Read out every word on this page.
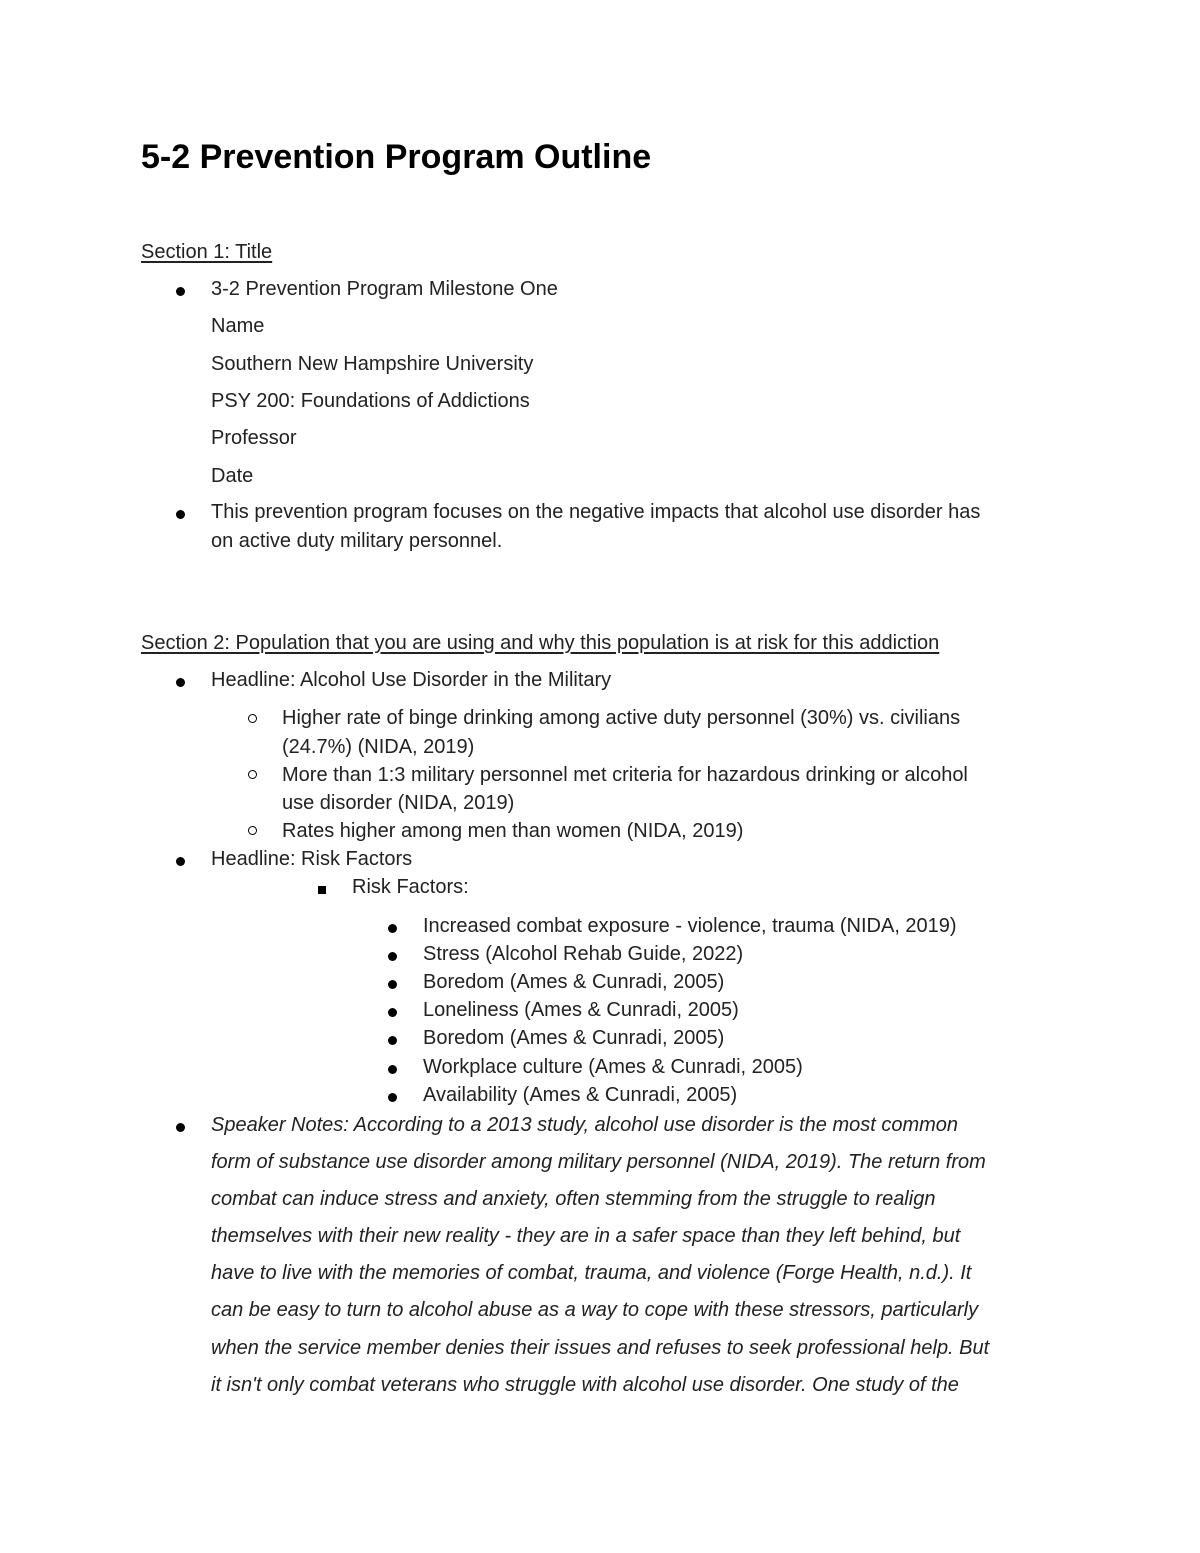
5-2 Prevention Program Outline
Section 1: Title
3-2 Prevention Program Milestone One
Name
Southern New Hampshire University
PSY 200: Foundations of Addictions
Professor
Date
This prevention program focuses on the negative impacts that alcohol use disorder has
on active duty military personnel.
Section 2: Population that you are using and why this population is at risk for this addiction
Headline: Alcohol Use Disorder in the Military
Higher rate of binge drinking among active duty personnel (30%) vs. civilians
(24.7%) (NIDA, 2019)
More than 1:3 military personnel met criteria for hazardous drinking or alcohol
use disorder (NIDA, 2019)
Rates higher among men than women (NIDA, 2019)
Headline: Risk Factors
Risk Factors:
Increased combat exposure - violence, trauma (NIDA, 2019)
Stress (Alcohol Rehab Guide, 2022)
Boredom (Ames & Cunradi, 2005)
Loneliness (Ames & Cunradi, 2005)
Boredom (Ames & Cunradi, 2005)
Workplace culture (Ames & Cunradi, 2005)
Availability (Ames & Cunradi, 2005)
Speaker Notes: According to a 2013 study, alcohol use disorder is the most common
form of substance use disorder among military personnel (NIDA, 2019). The return from
combat can induce stress and anxiety, often stemming from the struggle to realign
themselves with their new reality - they are in a safer space than they left behind, but
have to live with the memories of combat, trauma, and violence (Forge Health, n.d.). It
can be easy to turn to alcohol abuse as a way to cope with these stressors, particularly
when the service member denies their issues and refuses to seek professional help. But
it isn't only combat veterans who struggle with alcohol use disorder. One study of the
